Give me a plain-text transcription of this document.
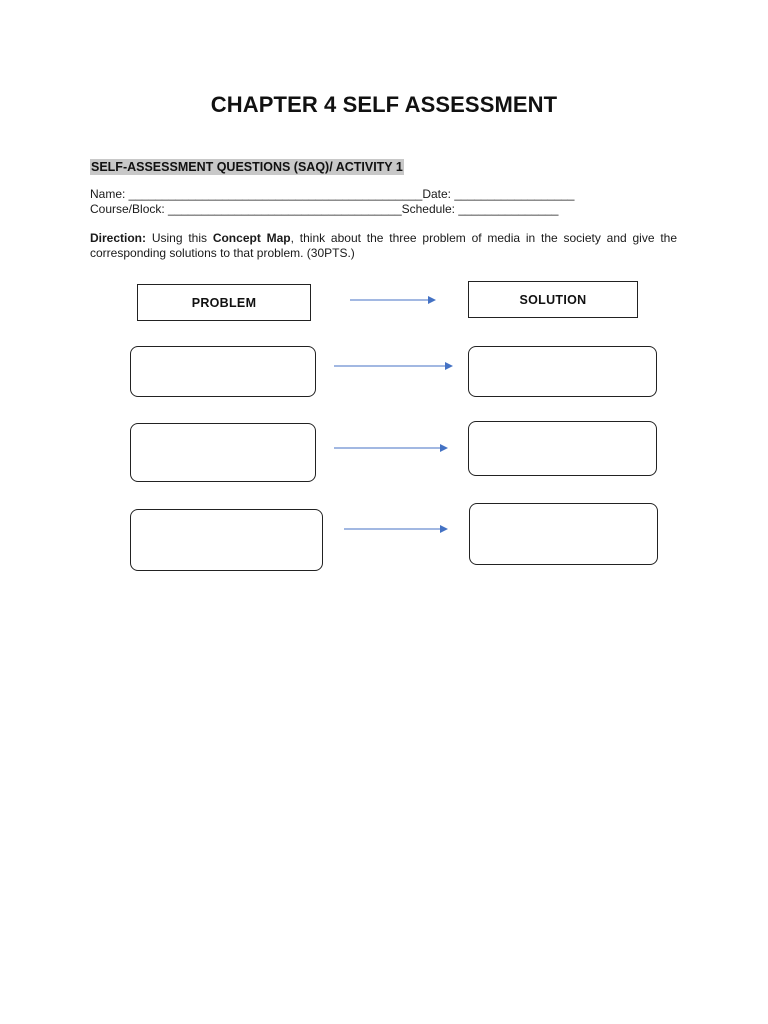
CHAPTER 4 SELF ASSESSMENT
SELF-ASSESSMENT QUESTIONS (SAQ)/ ACTIVITY 1
Name: ____________________________________________Date: __________________
Course/Block: ___________________________________Schedule: _______________
Direction: Using this Concept Map, think about the three problem of media in the society and give the corresponding solutions to that problem. (30PTS.)
PROBLEM	SOLUTION
